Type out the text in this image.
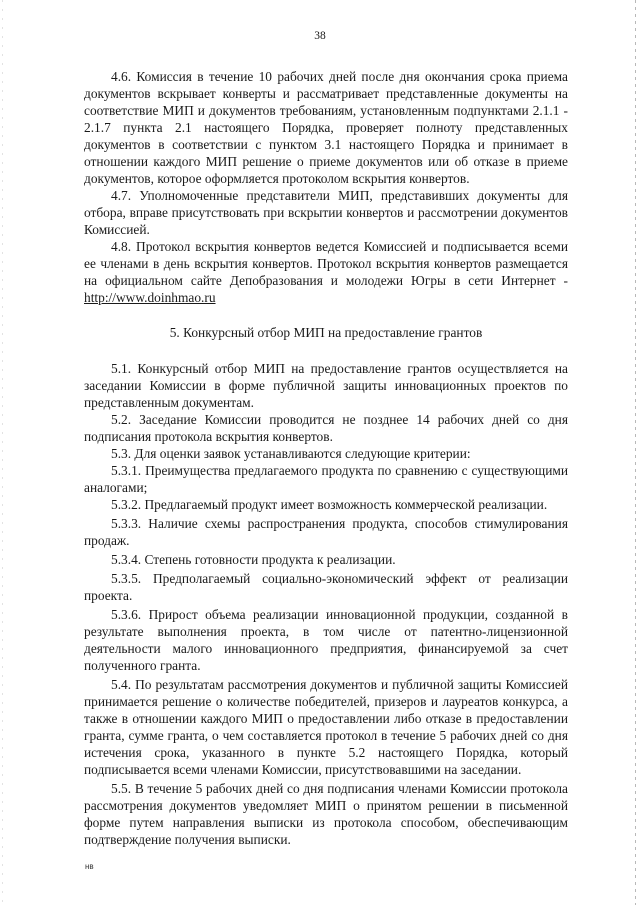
38

4.6. Комиссия в течение 10 рабочих дней после дня окончания срока приема документов вскрывает конверты и рассматривает представленные документы на соответствие МИП и документов требованиям, установленным подпунктами 2.1.1 - 2.1.7 пункта 2.1 настоящего Порядка, проверяет полноту представленных документов в соответствии с пунктом 3.1 настоящего Порядка и принимает в отношении каждого МИП решение о приеме документов или об отказе в приеме документов, которое оформляется протоколом вскрытия конвертов.

4.7. Уполномоченные представители МИП, представивших документы для отбора, вправе присутствовать при вскрытии конвертов и рассмотрении документов Комиссией.

4.8. Протокол вскрытия конвертов ведется Комиссией и подписывается всеми ее членами в день вскрытия конвертов. Протокол вскрытия конвертов размещается на официальном сайте Депобразования и молодежи Югры в сети Интернет - http://www.doinhmao.ru

5. Конкурсный отбор МИП на предоставление грантов

5.1. Конкурсный отбор МИП на предоставление грантов осуществляется на заседании Комиссии в форме публичной защиты инновационных проектов по представленным документам.

5.2. Заседание Комиссии проводится не позднее 14 рабочих дней со дня подписания протокола вскрытия конвертов.

5.3. Для оценки заявок устанавливаются следующие критерии:

5.3.1. Преимущества предлагаемого продукта по сравнению с существующими аналогами;

5.3.2. Предлагаемый продукт имеет возможность коммерческой реализации.

5.3.3. Наличие схемы распространения продукта, способов стимулирования продаж.

5.3.4. Степень готовности продукта к реализации.

5.3.5. Предполагаемый социально-экономический эффект от реализации проекта.

5.3.6. Прирост объема реализации инновационной продукции, созданной в результате выполнения проекта, в том числе от патентно-лицензионной деятельности малого инновационного предприятия, финансируемой за счет полученного гранта.

5.4. По результатам рассмотрения документов и публичной защиты Комиссией принимается решение о количестве победителей, призеров и лауреатов конкурса, а также в отношении каждого МИП о предоставлении либо отказе в предоставлении гранта, сумме гранта, о чем составляется протокол в течение 5 рабочих дней со дня истечения срока, указанного в пункте 5.2 настоящего Порядка, который подписывается всеми членами Комиссии, присутствовавшими на заседании.

5.5. В течение 5 рабочих дней со дня подписания членами Комиссии протокола рассмотрения документов уведомляет МИП о принятом решении в письменной форме путем направления выписки из протокола способом, обеспечивающим подтверждение получения выписки.

нв
